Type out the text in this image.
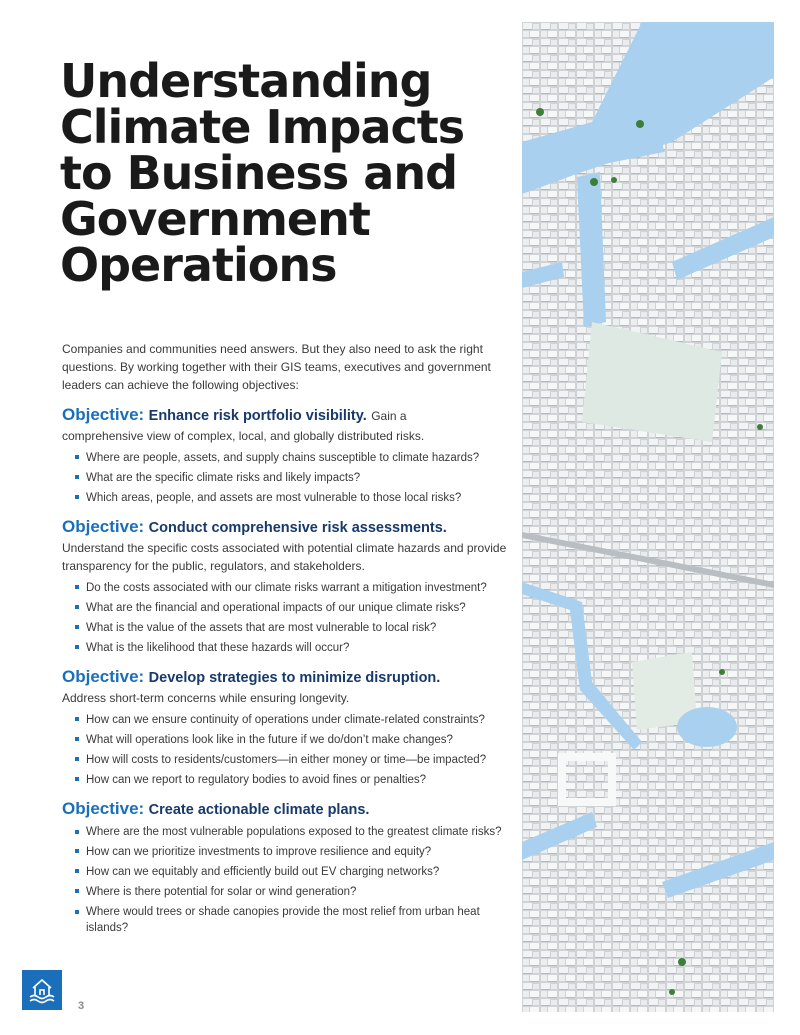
Understanding
Climate Impacts
to Business and
Government
Operations

Companies and communities need answers. But they also need to ask the right questions. By working together with their GIS teams, executives and government leaders can achieve the following objectives:

Objective: Enhance risk portfolio visibility. Gain a

comprehensive view of complex, local, and globally distributed risks.

Where are people, assets, and supply chains susceptible to climate hazards?
What are the specific climate risks and likely impacts?
Which areas, people, and assets are most vulnerable to those local risks?

Objective: Conduct comprehensive risk assessments.

Understand the specific costs associated with potential climate hazards and provide transparency for the public, regulators, and stakeholders.

Do the costs associated with our climate risks warrant a mitigation investment?
What are the financial and operational impacts of our unique climate risks?
What is the value of the assets that are most vulnerable to local risk?
What is the likelihood that these hazards will occur?

Objective: Develop strategies to minimize disruption.

Address short-term concerns while ensuring longevity.

How can we ensure continuity of operations under climate-related constraints?
What will operations look like in the future if we do/don’t make changes?
How will costs to residents/customers—in either money or time—be impacted?
How can we report to regulatory bodies to avoid fines or penalties?

Objective: Create actionable climate plans.

Where are the most vulnerable populations exposed to the greatest climate risks?
How can we prioritize investments to improve resilience and equity?
How can we equitably and efficiently build out EV charging networks?
Where is there potential for solar or wind generation?
Where would trees or shade canopies provide the most relief from urban heat islands?
3
